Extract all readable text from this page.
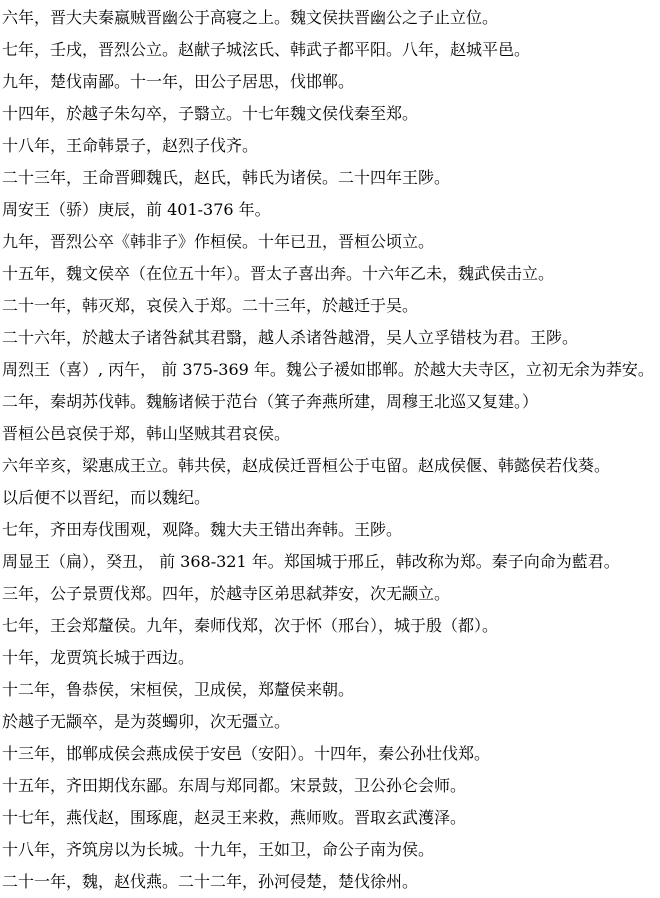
六年，晋大夫秦嬴贼晋幽公于高寝之上。魏文侯扶晋幽公之子止立位。
七年，壬戌，晋烈公立。赵献子城泫氏、韩武子都平阳。八年，赵城平邑。
九年，楚伐南鄙。十一年，田公子居思，伐邯郸。
十四年，於越子朱勾卒，子翳立。十七年魏文侯伐秦至郑。
十八年，王命韩景子，赵烈子伐齐。
二十三年，王命晋卿魏氏，赵氏，韩氏为诸侯。二十四年王陟。
周安王（骄）庚辰，前 401-376 年。
九年，晋烈公卒《韩非子》作桓侯。十年已丑，晋桓公顷立。
十五年，魏文侯卒（在位五十年）。晋太子喜出奔。十六年乙未，魏武侯击立。
二十一年，韩灭郑，哀侯入于郑。二十三年，於越迁于吴。
二十六年，於越太子诸咎弑其君翳，越人杀诸咎越滑，吴人立孚错枝为君。王陟。
周烈王（喜）, 丙午， 前 375-369 年。魏公子禐如邯郸。於越大夫寺区，立初无余为莽安。
二年，秦胡苏伐韩。魏觞诸候于范台（箕子奔燕所建，周穆王北巡又复建。）
晋桓公邑哀侯于郑，韩山坚贼其君哀侯。
六年辛亥，梁惠成王立。韩共侯，赵成侯迁晋桓公于屯留。赵成侯偃、韩懿侯若伐葵。
以后便不以晋纪，而以魏纪。
七年，齐田寿伐围观，观降。魏大夫王错出奔韩。王陟。
周显王（扁），癸丑， 前 368-321 年。郑国城于邢丘，韩改称为郑。秦子向命为藍君。
三年，公子景贾伐郑。四年，於越寺区弟思弑莽安，次无颛立。
七年，王会郑釐侯。九年，秦师伐郑，次于怀（邢台），城于殷（都）。
十年，龙贾筑长城于西边。
十二年，鲁恭侯，宋桓侯，卫成侯，郑釐侯来朝。
於越子无颛卒，是为菼蠋卯，次无彊立。
十三年，邯郸成侯会燕成侯于安邑（安阳）。十四年，秦公孙壮伐郑。
十五年，齐田期伐东鄙。东周与郑同都。宋景鼓，卫公孙仑会师。
十七年，燕伐赵，围琢鹿，赵灵王来救，燕师败。晋取玄武濩泽。
十八年，齐筑房以为长城。十九年，王如卫，命公子南为侯。
二十一年，魏，赵伐燕。二十二年，孙河侵楚，楚伐徐州。
